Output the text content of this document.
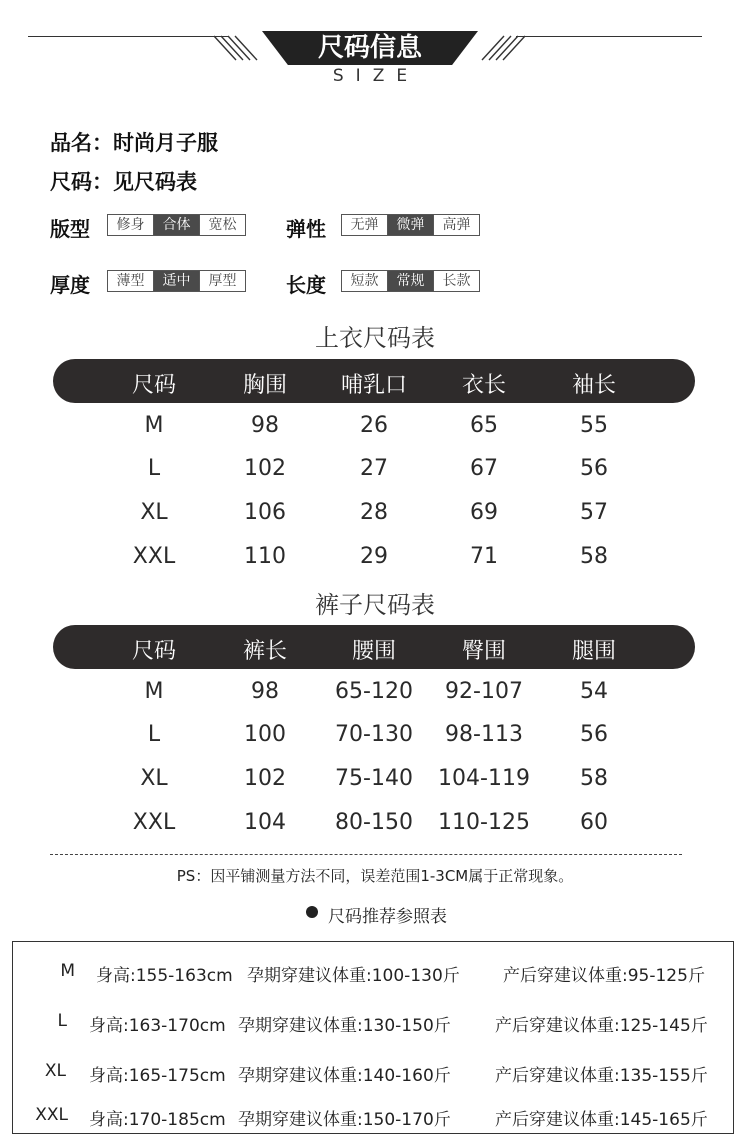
尺码信息
SIZE
品名：时尚月子服
尺码：见尺码表
版型	修身	合体	宽松	弹性	无弹	微弹	高弹
厚度	薄型	适中	厚型	长度	短款	常规	长款
上衣尺码表
尺码	胸围	哺乳口	衣长	袖长
M	98	26	65	55
L	102	27	67	56
XL	106	28	69	57
XXL	110	29	71	58
裤子尺码表
尺码	裤长	腰围	臀围	腿围
M	98	65-120	92-107	54
L	100	70-130	98-113	56
XL	102	75-140	104-119	58
XXL	104	80-150	110-125	60
PS：因平铺测量方法不同，误差范围1-3CM属于正常现象。
尺码推荐参照表
M 身高:155-163cm 孕期穿建议体重:100-130斤	产后穿建议体重:95-125斤
L 身高:163-170cm 孕期穿建议体重:130-150斤	产后穿建议体重:125-145斤
XL 身高:165-175cm 孕期穿建议体重:140-160斤	产后穿建议体重:135-155斤
XXL 身高:170-185cm 孕期穿建议体重:150-170斤	产后穿建议体重:145-165斤
